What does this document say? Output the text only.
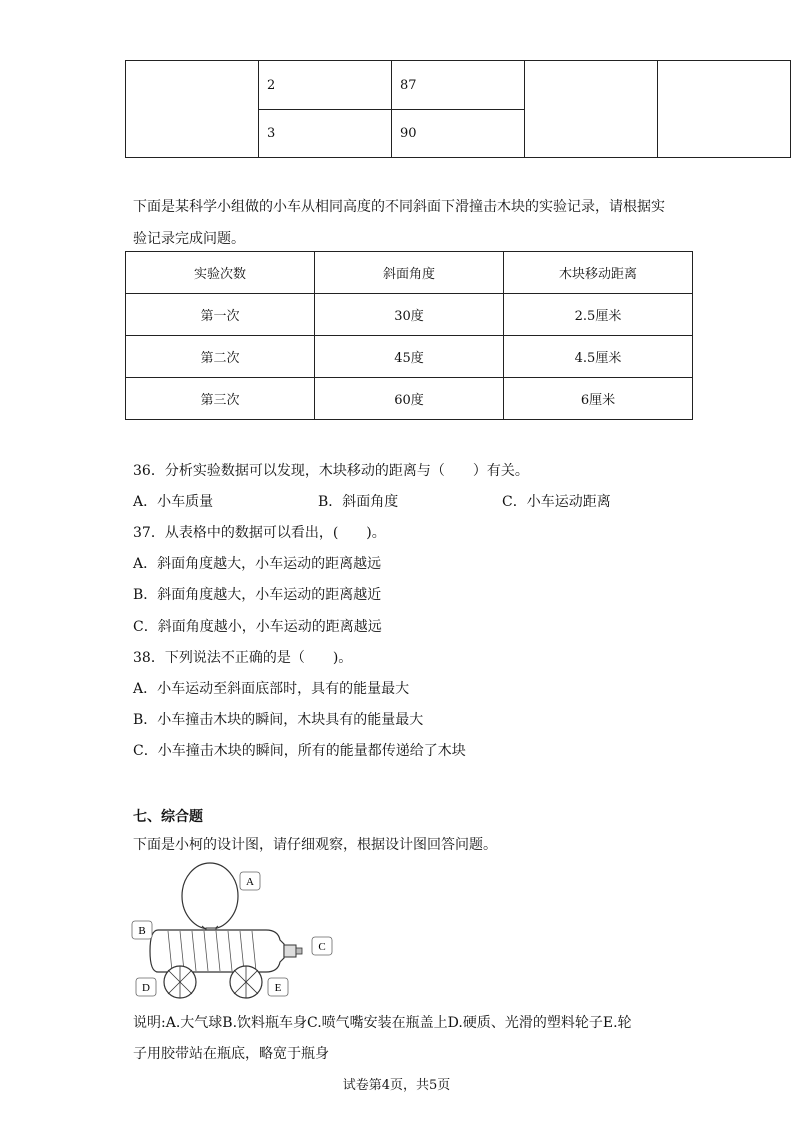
	2	87		
	3	90		
下面是某科学小组做的小车从相同高度的不同斜面下滑撞击木块的实验记录，请根据实
验记录完成问题。
实验次数	斜面角度	木块移动距离
第一次	30度	2.5厘米
第二次	45度	4.5厘米
第三次	60度	6厘米
36．分析实验数据可以发现，木块移动的距离与（　　）有关。
A．小车质量	B．斜面角度	C．小车运动距离
37．从表格中的数据可以看出，(　　)。
A．斜面角度越大，小车运动的距离越远
B．斜面角度越大，小车运动的距离越近
C．斜面角度越小，小车运动的距离越远
38．下列说法不正确的是（　　)。
A．小车运动至斜面底部时，具有的能量最大
B．小车撞击木块的瞬间，木块具有的能量最大
C．小车撞击木块的瞬间，所有的能量都传递给了木块
七、综合题
下面是小柯的设计图，请仔细观察，根据设计图回答问题。
A
B
C
D	E
说明:A.大气球B.饮料瓶车身C.喷气嘴安装在瓶盖上D.硬质、光滑的塑料轮子E.轮
子用胶带站在瓶底，略宽于瓶身
试卷第4页，共5页
